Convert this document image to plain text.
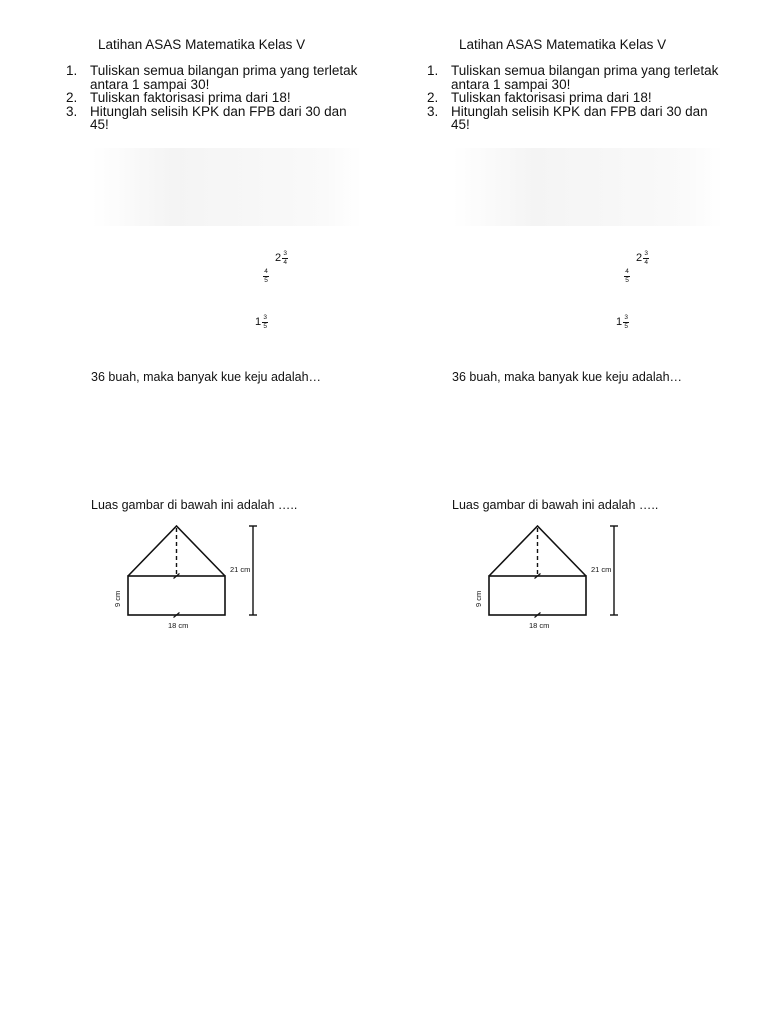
Latihan ASAS Matematika Kelas V
1. Tuliskan semua bilangan prima yang terletak antara 1 sampai 30!
2. Tuliskan faktorisasi prima dari 18!
3. Hitunglah selisih KPK dan FPB dari 30 dan 45!
2 3
4
4
5
1 3
5
36 buah, maka banyak kue keju adalah…
Luas gambar di bawah ini adalah …..
21 cm
9 cm
18 cm
Latihan ASAS Matematika Kelas V
1. Tuliskan semua bilangan prima yang terletak antara 1 sampai 30!
2. Tuliskan faktorisasi prima dari 18!
3. Hitunglah selisih KPK dan FPB dari 30 dan 45!
2 3
4
4
5
1 3
5
36 buah, maka banyak kue keju adalah…
Luas gambar di bawah ini adalah …..
21 cm
9 cm
18 cm
